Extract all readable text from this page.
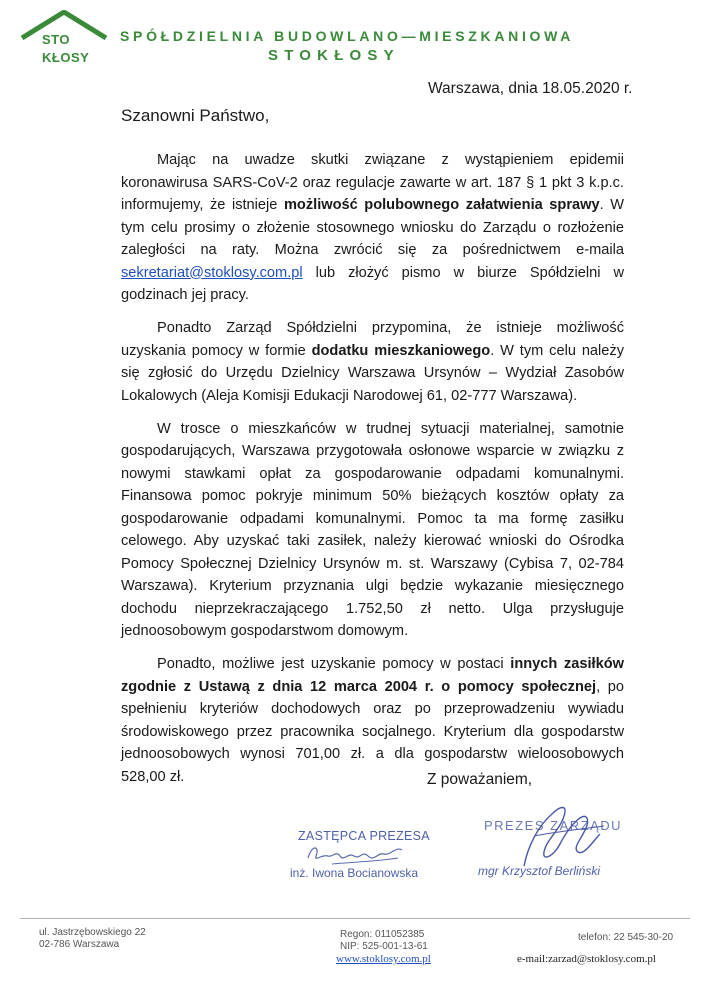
STO
KŁOSY
SPÓŁDZIELNIA BUDOWLANO—MIESZKANIOWA
STOKŁOSY
Warszawa, dnia 18.05.2020 r.
Szanowni Państwo,

Mając na uwadze skutki związane z wystąpieniem epidemii koronawirusa SARS-CoV-2 oraz regulacje zawarte w art. 187 § 1 pkt 3 k.p.c. informujemy, że istnieje możliwość polubownego załatwienia sprawy. W tym celu prosimy o złożenie stosownego wniosku do Zarządu o rozłożenie zaległości na raty. Można zwrócić się za pośrednictwem e-maila sekretariat@stoklosy.com.pl lub złożyć pismo w biurze Spółdzielni w godzinach jej pracy.

Ponadto Zarząd Spółdzielni przypomina, że istnieje możliwość uzyskania pomocy w formie dodatku mieszkaniowego. W tym celu należy się zgłosić do Urzędu Dzielnicy Warszawa Ursynów – Wydział Zasobów Lokalowych (Aleja Komisji Edukacji Narodowej 61, 02-777 Warszawa).

W trosce o mieszkańców w trudnej sytuacji materialnej, samotnie gospodarujących, Warszawa przygotowała osłonowe wsparcie w związku z nowymi stawkami opłat za gospodarowanie odpadami komunalnymi. Finansowa pomoc pokryje minimum 50% bieżących kosztów opłaty za gospodarowanie odpadami komunalnymi. Pomoc ta ma formę zasiłku celowego. Aby uzyskać taki zasiłek, należy kierować wnioski do Ośrodka Pomocy Społecznej Dzielnicy Ursynów m. st. Warszawy (Cybisa 7, 02-784 Warszawa). Kryterium przyznania ulgi będzie wykazanie miesięcznego dochodu nieprzekraczającego 1.752,50 zł netto. Ulga przysługuje jednoosobowym gospodarstwom domowym.

Ponadto, możliwe jest uzyskanie pomocy w postaci innych zasiłków zgodnie z Ustawą z dnia 12 marca 2004 r. o pomocy społecznej, po spełnieniu kryteriów dochodowych oraz po przeprowadzeniu wywiadu środowiskowego przez pracownika socjalnego. Kryterium dla gospodarstw jednoosobowych wynosi 701,00 zł. a dla gospodarstw wieloosobowych 528,00 zł.	Z poważaniem,
ZASTĘPCA PREZESA
inż. Iwona Bocianowska
PREZES ZARZĄDU
mgr Krzysztof Berliński
ul. Jastrzębowskiego 22
02-786 Warszawa
Regon: 011052385
NIP: 525-001-13-61
www.stoklosy.com.pl
telefon: 22 545-30-20
e-mail:zarzad@stoklosy.com.pl
